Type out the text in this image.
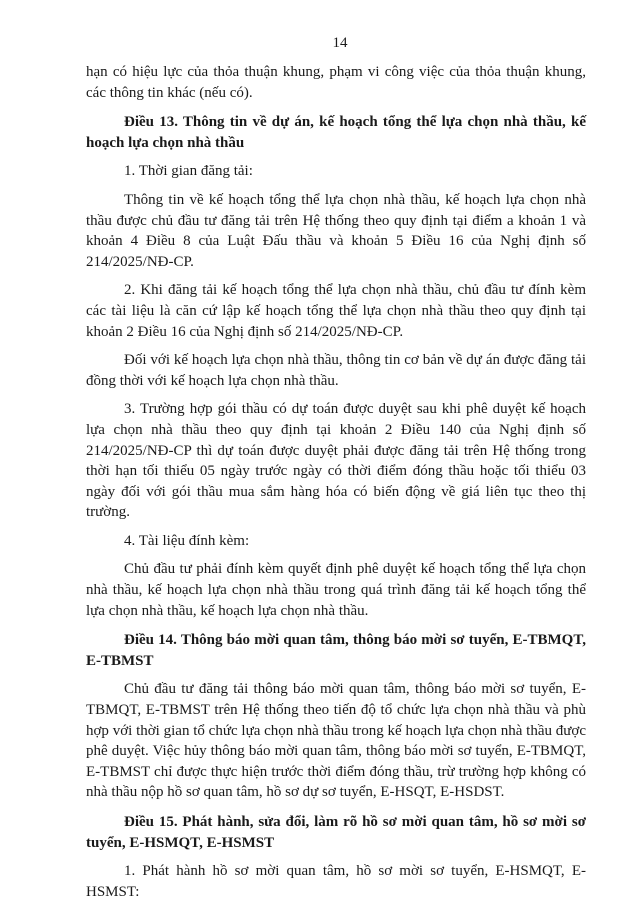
14

hạn có hiệu lực của thỏa thuận khung, phạm vi công việc của thỏa thuận khung, các thông tin khác (nếu có).

Điều 13. Thông tin về dự án, kế hoạch tổng thể lựa chọn nhà thầu, kế hoạch lựa chọn nhà thầu

1. Thời gian đăng tải:

Thông tin về kế hoạch tổng thể lựa chọn nhà thầu, kế hoạch lựa chọn nhà thầu được chủ đầu tư đăng tải trên Hệ thống theo quy định tại điểm a khoản 1 và khoản 4 Điều 8 của Luật Đấu thầu và khoản 5 Điều 16 của Nghị định số 214/2025/NĐ-CP.

2. Khi đăng tải kế hoạch tổng thể lựa chọn nhà thầu, chủ đầu tư đính kèm các tài liệu là căn cứ lập kế hoạch tổng thể lựa chọn nhà thầu theo quy định tại khoản 2 Điều 16 của Nghị định số 214/2025/NĐ-CP.

Đối với kế hoạch lựa chọn nhà thầu, thông tin cơ bản về dự án được đăng tải đồng thời với kế hoạch lựa chọn nhà thầu.

3. Trường hợp gói thầu có dự toán được duyệt sau khi phê duyệt kế hoạch lựa chọn nhà thầu theo quy định tại khoản 2 Điều 140 của Nghị định số 214/2025/NĐ-CP thì dự toán được duyệt phải được đăng tải trên Hệ thống trong thời hạn tối thiểu 05 ngày trước ngày có thời điểm đóng thầu hoặc tối thiểu 03 ngày đối với gói thầu mua sắm hàng hóa có biến động về giá liên tục theo thị trường.

4. Tài liệu đính kèm:

Chủ đầu tư phải đính kèm quyết định phê duyệt kế hoạch tổng thể lựa chọn nhà thầu, kế hoạch lựa chọn nhà thầu trong quá trình đăng tải kế hoạch tổng thể lựa chọn nhà thầu, kế hoạch lựa chọn nhà thầu.

Điều 14. Thông báo mời quan tâm, thông báo mời sơ tuyển, E-TBMQT, E-TBMST

Chủ đầu tư đăng tải thông báo mời quan tâm, thông báo mời sơ tuyển, E-TBMQT, E-TBMST trên Hệ thống theo tiến độ tổ chức lựa chọn nhà thầu và phù hợp với thời gian tổ chức lựa chọn nhà thầu trong kế hoạch lựa chọn nhà thầu được phê duyệt. Việc hủy thông báo mời quan tâm, thông báo mời sơ tuyển, E-TBMQT, E-TBMST chỉ được thực hiện trước thời điểm đóng thầu, trừ trường hợp không có nhà thầu nộp hồ sơ quan tâm, hồ sơ dự sơ tuyển, E-HSQT, E-HSDST.

Điều 15. Phát hành, sửa đổi, làm rõ hồ sơ mời quan tâm, hồ sơ mời sơ tuyển, E-HSMQT, E-HSMST

1. Phát hành hồ sơ mời quan tâm, hồ sơ mời sơ tuyển, E-HSMQT, E-HSMST:
